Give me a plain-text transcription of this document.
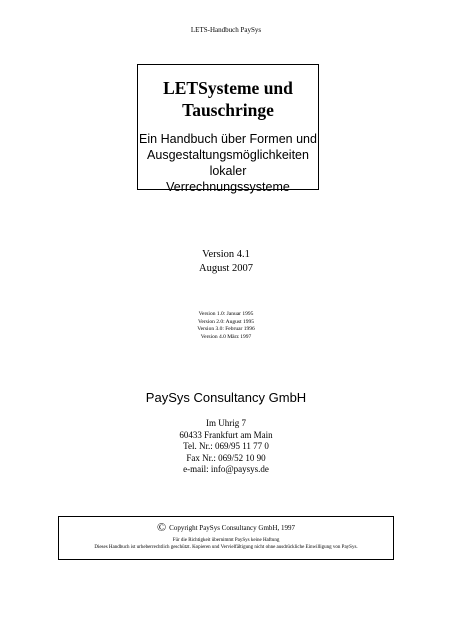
LETS-Handbuch PaySys
LETSysteme und
Tauschringe
Ein Handbuch über Formen und
Ausgestaltungsmöglichkeiten lokaler
Verrechnungssysteme
Version 4.1
August 2007
Version 1.0: Januar 1995
Version 2.0: August 1995
Version 3.0: Februar 1996
Version 4.0 März 1997
PaySys Consultancy GmbH
Im Uhrig 7
60433 Frankfurt am Main
Tel. Nr.: 069/95 11 77 0
Fax Nr.: 069/52 10 90
e-mail: info@paysys.de
© Copyright PaySys Consultancy GmbH, 1997
Für die Richtigkeit übernimmt PaySys keine Haftung
Dieses Handbuch ist urheberrechtlich geschützt. Kopieren und Vervielfältigung nicht ohne ausdrückliche Einwilligung von PaySys.
